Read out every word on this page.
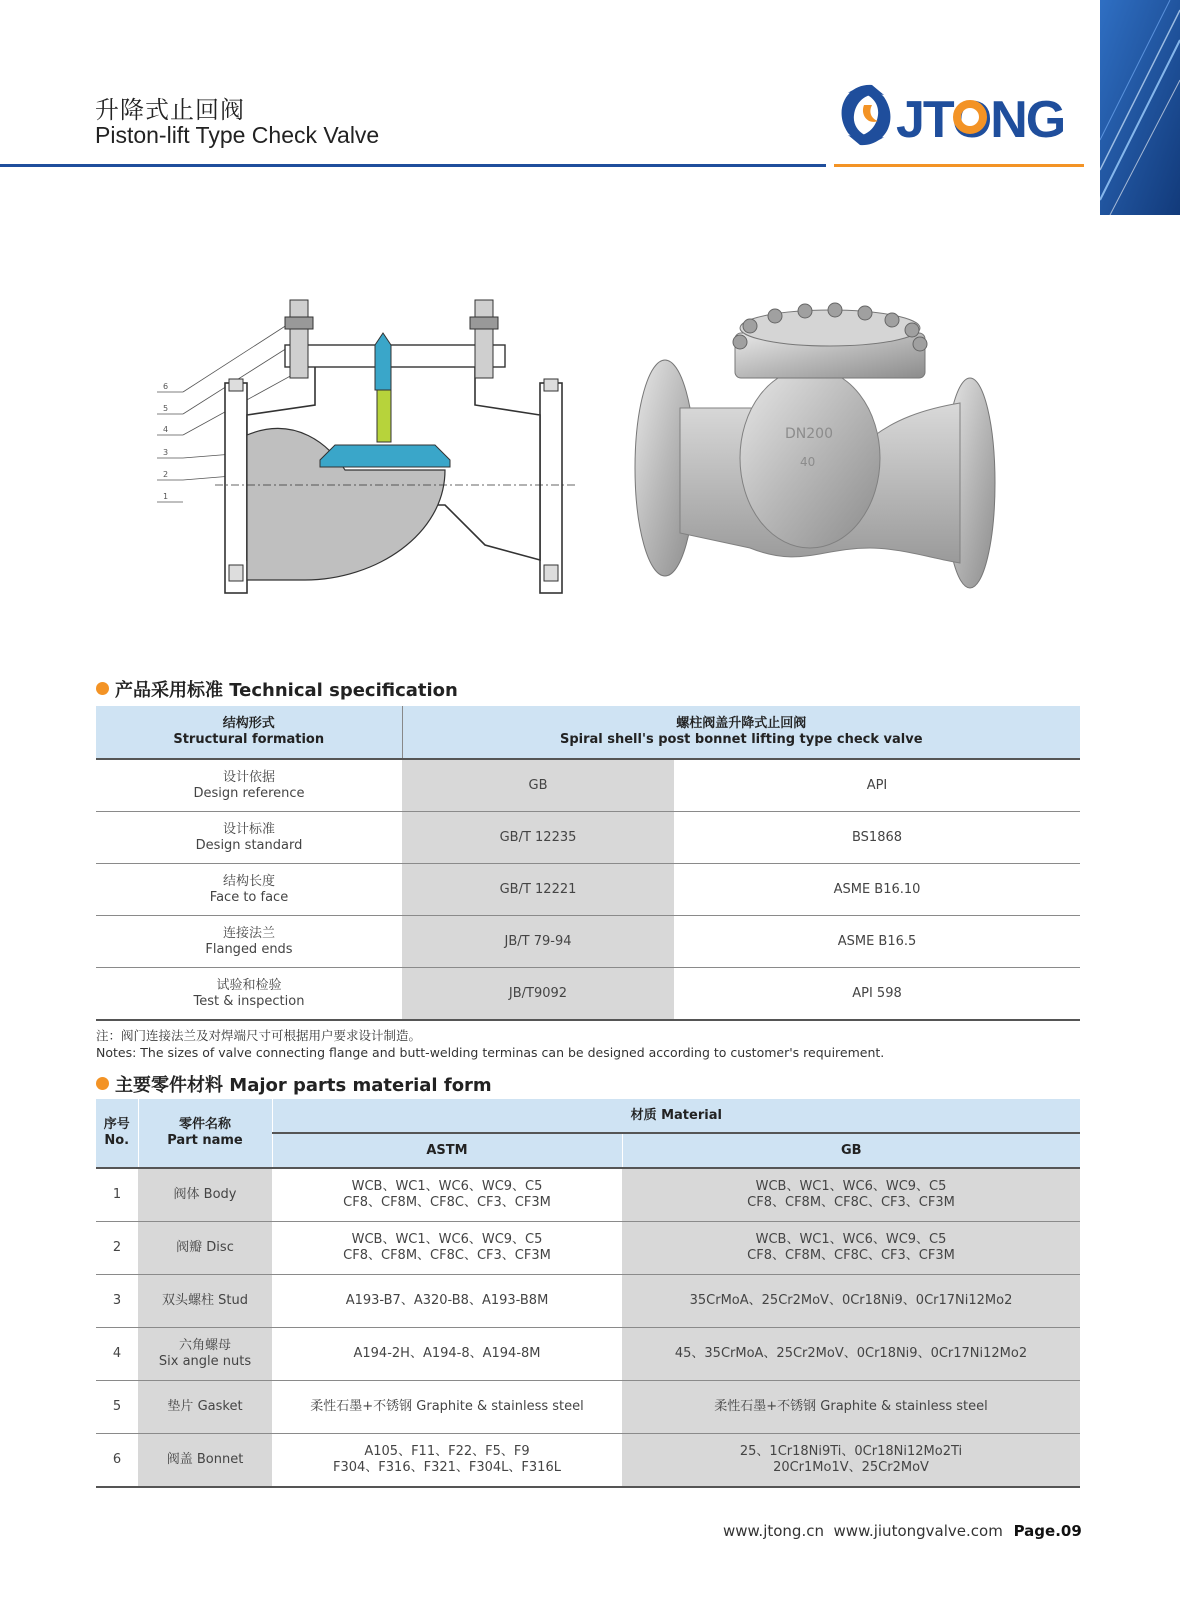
升降式止回阀
Piston-lift Type Check Valve	JTONG
6
5
4
3
2
1
DN200
40
产品采用标准 Technical specification
结构形式
Structural formation	螺柱阀盖升降式止回阀
Spiral shell's post bonnet lifting type check valve	

设计依据
Design reference	GB	API

设计标准
Design standard	GB/T 12235	BS1868

结构长度
Face to face	GB/T 12221	ASME B16.10

连接法兰
Flanged ends	JB/T 79-94	ASME B16.5

试验和检验
Test & inspection	JB/T9092	API 598
注：阀门连接法兰及对焊端尺寸可根据用户要求设计制造。
Notes: The sizes of valve connecting flange and butt-welding terminas can be designed according to customer's requirement.
主要零件材料 Major parts material form
序号
No.	零件名称
Part name	材质 Material	
		ASTM	GB
1	阀体 Body	WCB、WC1、WC6、WC9、C5
CF8、CF8M、CF8C、CF3、CF3M	WCB、WC1、WC6、WC9、C5
CF8、CF8M、CF8C、CF3、CF3M

2	阀瓣 Disc	WCB、WC1、WC6、WC9、C5
CF8、CF8M、CF8C、CF3、CF3M	WCB、WC1、WC6、WC9、C5
CF8、CF8M、CF8C、CF3、CF3M

3	双头螺柱 Stud	A193-B7、A320-B8、A193-B8M	35CrMoA、25Cr2MoV、0Cr18Ni9、0Cr17Ni12Mo2
4	六角螺母
Six angle nuts	A194-2H、A194-8、A194-8M	45、35CrMoA、25Cr2MoV、0Cr18Ni9、0Cr17Ni12Mo2
5	垫片 Gasket	柔性石墨+不锈钢 Graphite & stainless steel	柔性石墨+不锈钢 Graphite & stainless steel
6	阀盖 Bonnet	A105、F11、F22、F5、F9
F304、F316、F321、F304L、F316L	25、1Cr18Ni9Ti、0Cr18Ni12Mo2Ti
20Cr1Mo1V、25Cr2MoV
www.jtong.cn www.jiutongvalve.com Page.09
